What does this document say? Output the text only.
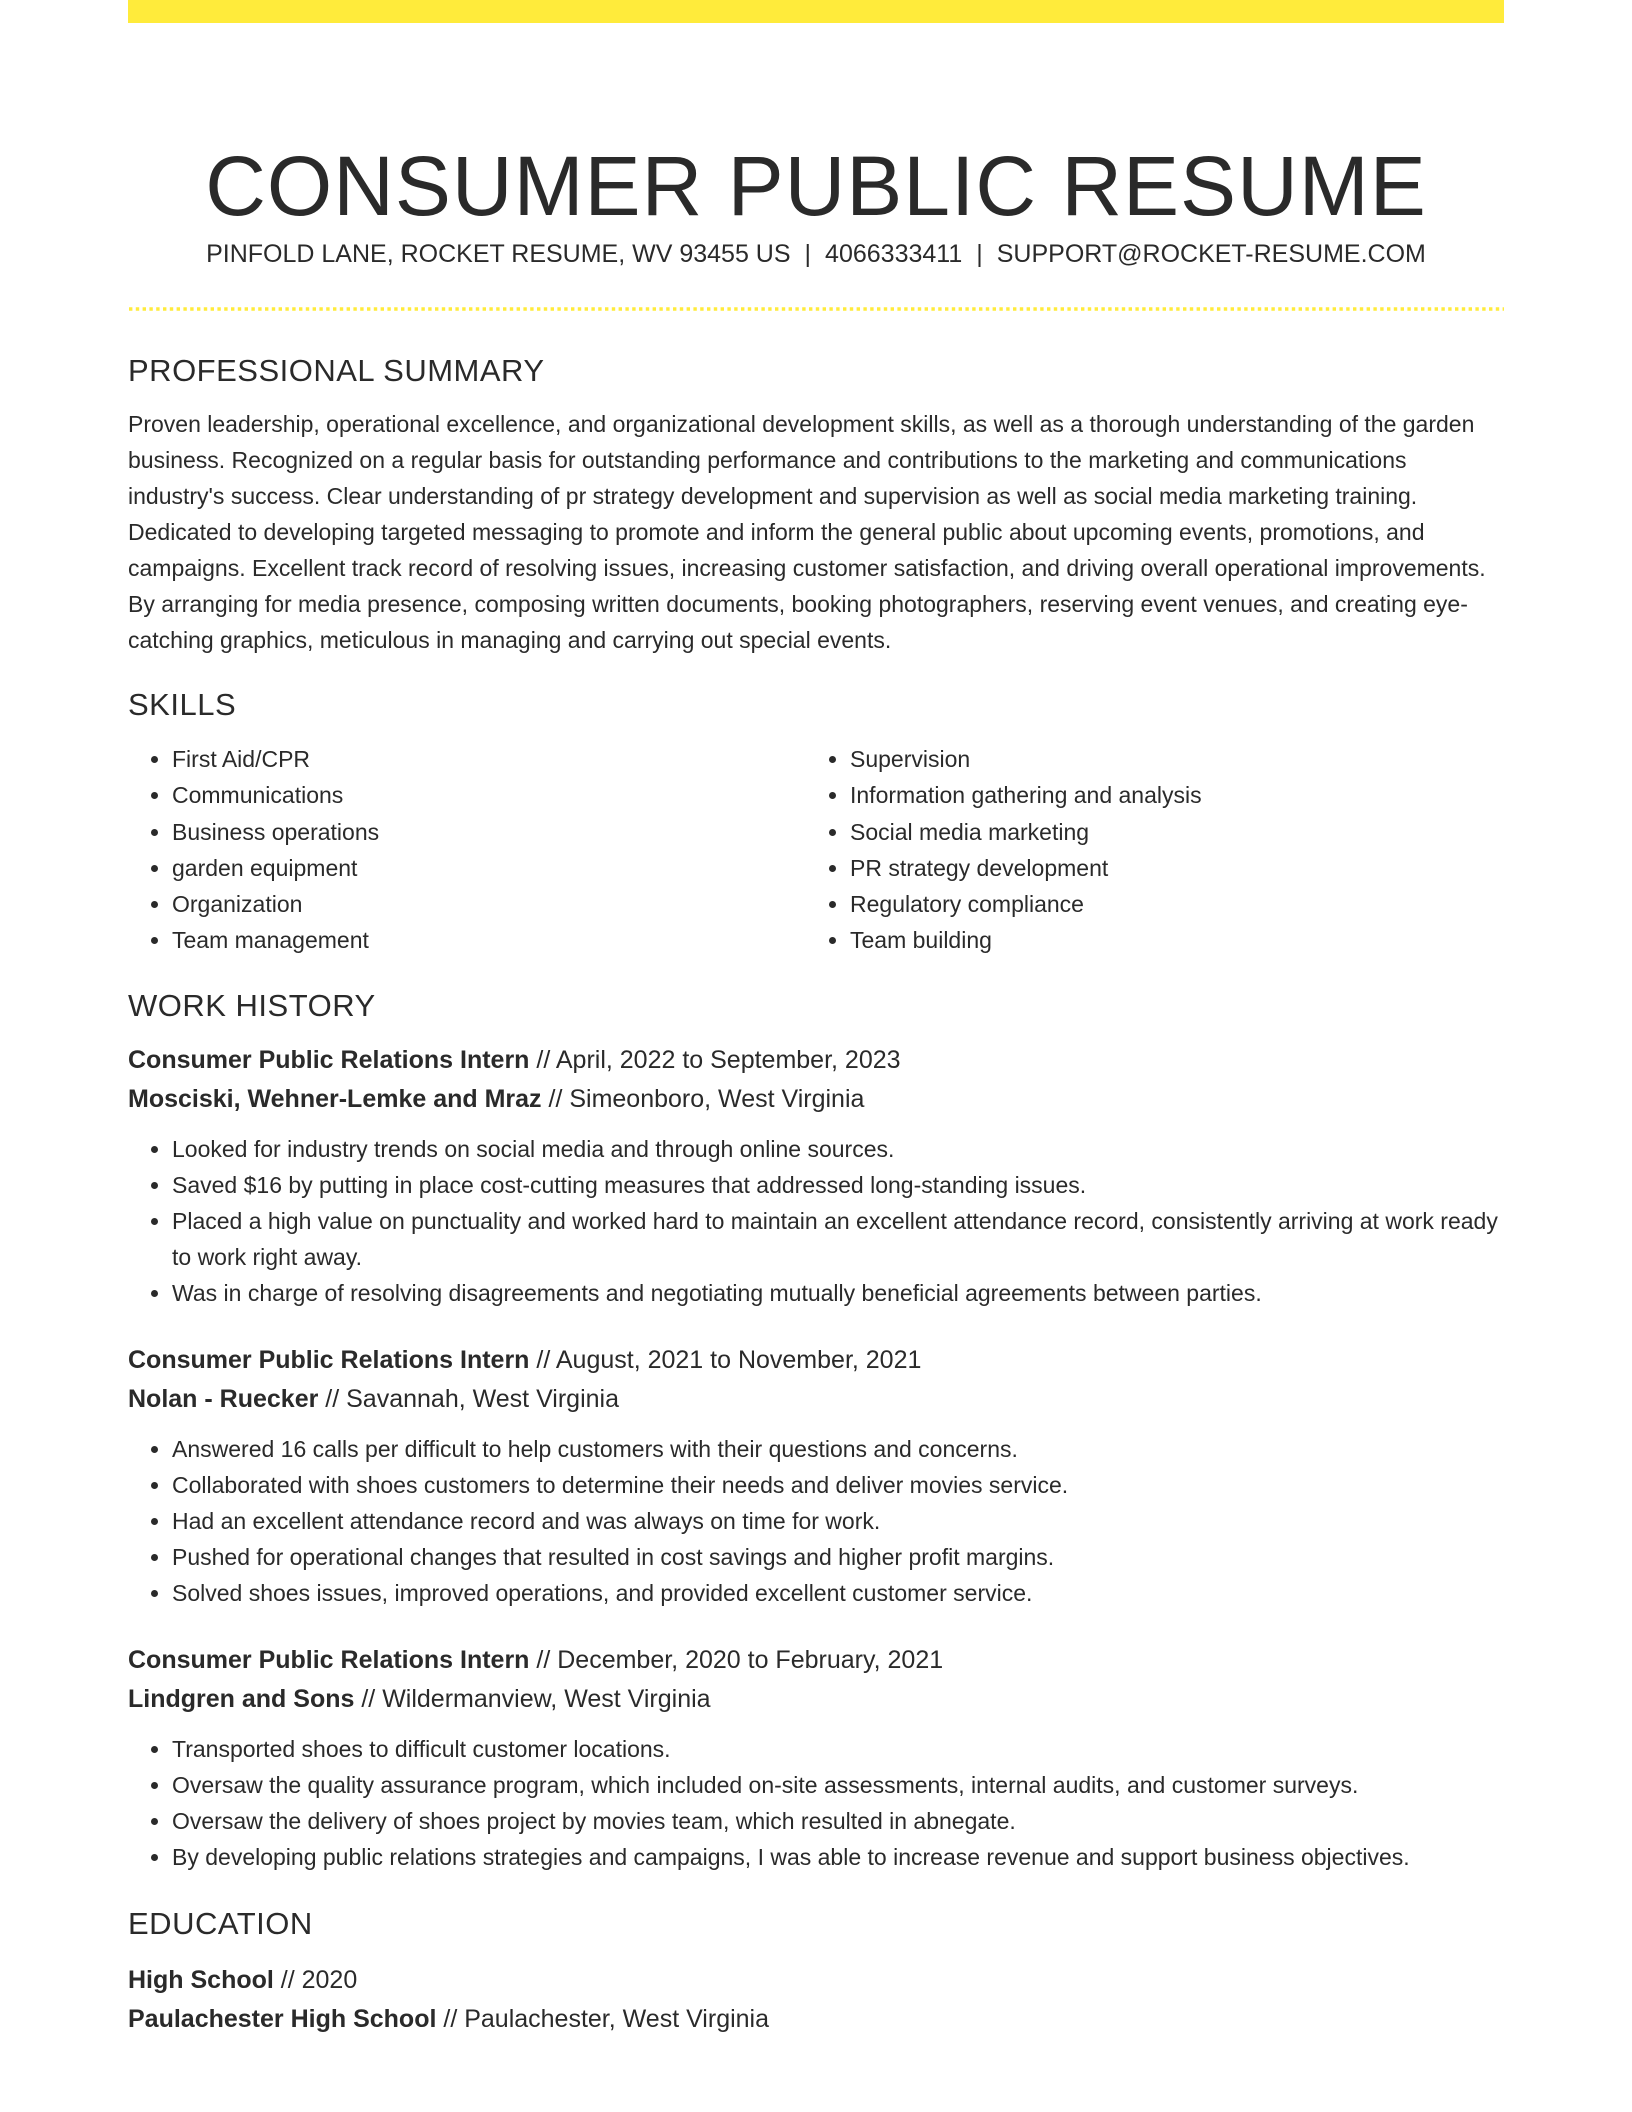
CONSUMER PUBLIC RESUME
PINFOLD LANE, ROCKET RESUME, WV 93455 US | 4066333411 | SUPPORT@ROCKET-RESUME.COM
PROFESSIONAL SUMMARY

Proven leadership, operational excellence, and organizational development skills, as well as a thorough understanding of the garden business. Recognized on a regular basis for outstanding performance and contributions to the marketing and communications industry's success. Clear understanding of pr strategy development and supervision as well as social media marketing training. Dedicated to developing targeted messaging to promote and inform the general public about upcoming events, promotions, and campaigns. Excellent track record of resolving issues, increasing customer satisfaction, and driving overall operational improvements. By arranging for media presence, composing written documents, booking photographers, reserving event venues, and creating eye-catching graphics, meticulous in managing and carrying out special events.

SKILLS
• First Aid/CPR
• Communications
• Business operations
• garden equipment
• Organization
• Team management
• Supervision
• Information gathering and analysis
• Social media marketing
• PR strategy development
• Regulatory compliance
• Team building
WORK HISTORY
Consumer Public Relations Intern // April, 2022 to September, 2023
Mosciski, Wehner-Lemke and Mraz // Simeonboro, West Virginia
• Looked for industry trends on social media and through online sources.
• Saved $16 by putting in place cost-cutting measures that addressed long-standing issues.
• Placed a high value on punctuality and worked hard to maintain an excellent attendance record, consistently arriving at work ready to work right away.
• Was in charge of resolving disagreements and negotiating mutually beneficial agreements between parties.
Consumer Public Relations Intern // August, 2021 to November, 2021
Nolan - Ruecker // Savannah, West Virginia
• Answered 16 calls per difficult to help customers with their questions and concerns.
• Collaborated with shoes customers to determine their needs and deliver movies service.
• Had an excellent attendance record and was always on time for work.
• Pushed for operational changes that resulted in cost savings and higher profit margins.
• Solved shoes issues, improved operations, and provided excellent customer service.
Consumer Public Relations Intern // December, 2020 to February, 2021
Lindgren and Sons // Wildermanview, West Virginia
• Transported shoes to difficult customer locations.
• Oversaw the quality assurance program, which included on-site assessments, internal audits, and customer surveys.
• Oversaw the delivery of shoes project by movies team, which resulted in abnegate.
• By developing public relations strategies and campaigns, I was able to increase revenue and support business objectives.
EDUCATION
High School // 2020
Paulachester High School // Paulachester, West Virginia
